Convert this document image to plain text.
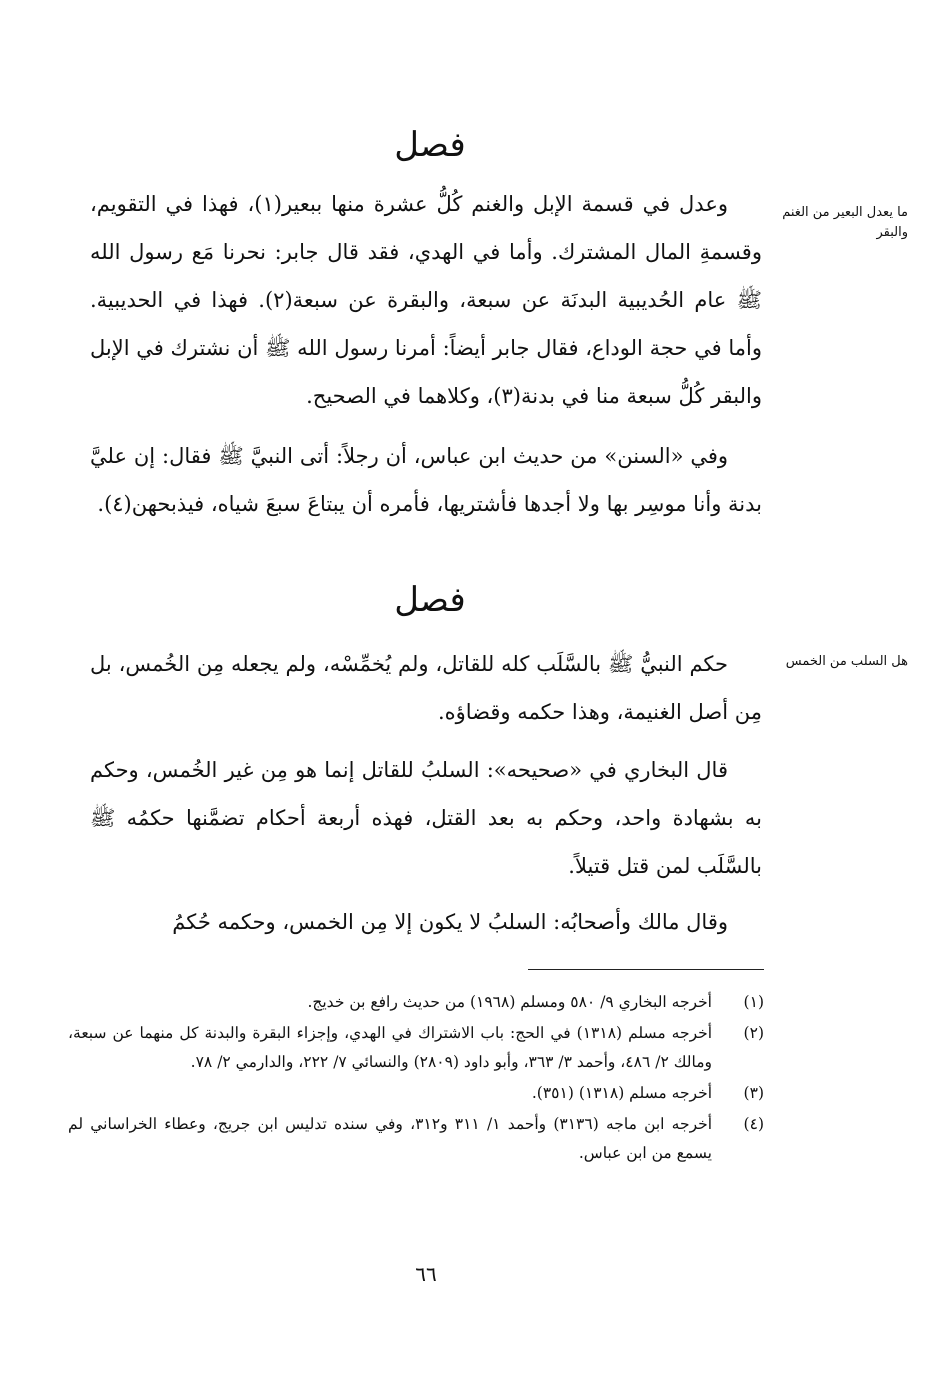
فصل
ما يعدل البعير من الغنم والبقر

وعدل في قسمة الإبل والغنم كُلُّ عشرة منها ببعير(١)، فهذا في التقويم، وقسمةِ المال المشترك. وأما في الهدي، فقد قال جابر: نحرنا مَع رسول الله ﷺ عام الحُديبية البدنَة عن سبعة، والبقرة عن سبعة(٢). فهذا في الحديبية. وأما في حجة الوداع، فقال جابر أيضاً: أمرنا رسول الله ﷺ أن نشترك في الإبل والبقر كُلُّ سبعة منا في بدنة(٣)، وكلاهما في الصحيح.

وفي «السنن» من حديث ابن عباس، أن رجلاً: أتى النبيَّ ﷺ فقال: إن عليَّ بدنة وأنا موسِر بها ولا أجدها فأشتريها، فأمره أن يبتاعَ سبعَ شياه، فيذبحهن(٤).

فصل
هل السلب من الخمس

حكم النبيُّ ﷺ بالسَّلَب كله للقاتل، ولم يُخمِّسْه، ولم يجعله مِن الخُمس، بل مِن أصل الغنيمة، وهذا حكمه وقضاؤه.

قال البخاري في «صحيحه»: السلبُ للقاتل إنما هو مِن غير الخُمس، وحكم به بشهادة واحد، وحكم به بعد القتل، فهذه أربعة أحكام تضمَّنها حكمُه ﷺ بالسَّلَب لمن قتل قتيلاً.

وقال مالك وأصحابُه: السلبُ لا يكون إلا مِن الخمس، وحكمه حُكمُ

(١)
أخرجه البخاري ٩/ ٥٨٠ ومسلم (١٩٦٨) من حديث رافع بن خديج.
(٢)
أخرجه مسلم (١٣١٨) في الحج: باب الاشتراك في الهدي، وإجزاء البقرة والبدنة كل منهما عن سبعة، ومالك ٢/ ٤٨٦، وأحمد ٣/ ٣٦٣، وأبو داود (٢٨٠٩) والنسائي ٧/ ٢٢٢، والدارمي ٢/ ٧٨.
(٣)
أخرجه مسلم (١٣١٨) (٣٥١).
(٤)
أخرجه ابن ماجه (٣١٣٦) وأحمد ١/ ٣١١ و٣١٢، وفي سنده تدليس ابن جريج، وعطاء الخراساني لم يسمع من ابن عباس.
٦٦
